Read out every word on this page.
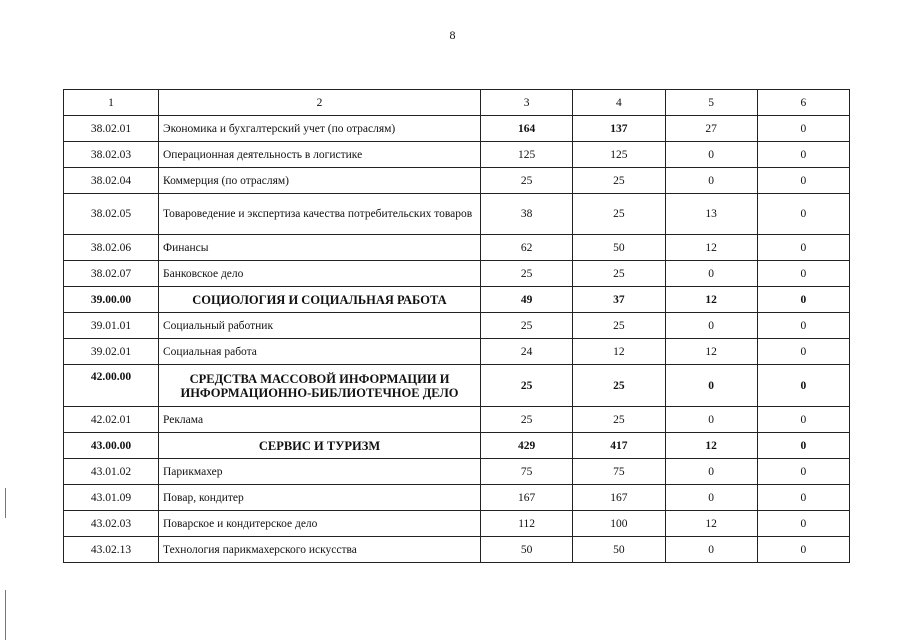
8
1	2	3	4	5	6
38.02.01	Экономика и бухгалтерский учет (по отраслям)	164	137	27	0
38.02.03	Операционная деятельность в логистике	125	125	0	0
38.02.04	Коммерция (по отраслям)	25	25	0	0
38.02.05	Товароведение и экспертиза качества потребительских товаров	38	25	13	0
38.02.06	Финансы	62	50	12	0
38.02.07	Банковское дело	25	25	0	0
39.00.00	СОЦИОЛОГИЯ И СОЦИАЛЬНАЯ РАБОТА	49	37	12	0
39.01.01	Социальный работник	25	25	0	0
39.02.01	Социальная работа	24	12	12	0
42.00.00	СРЕДСТВА МАССОВОЙ ИНФОРМАЦИИ И ИНФОРМАЦИОННО-БИБЛИОТЕЧНОЕ ДЕЛО	25	25	0	0
42.02.01	Реклама	25	25	0	0
43.00.00	СЕРВИС И ТУРИЗМ	429	417	12	0
43.01.02	Парикмахер	75	75	0	0
43.01.09	Повар, кондитер	167	167	0	0
43.02.03	Поварское и кондитерское дело	112	100	12	0
43.02.13	Технология парикмахерского искусства	50	50	0	0
